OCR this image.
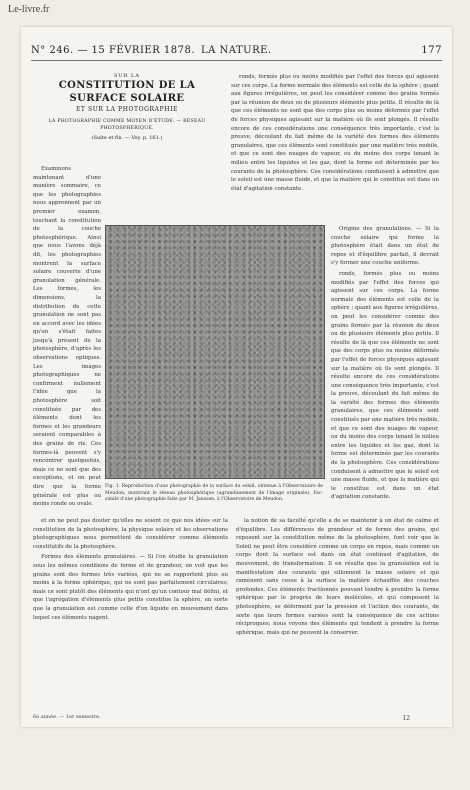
Le-livre.fr
N° 246. — 15 FÉVRIER 1878. LA NATURE.	177
SUR LA
CONSTITUTION DE LA SURFACE SOLAIRE
ET SUR LA PHOTOGRAPHIE
LA PHOTOGRAPHIE COMME MOYEN D'ÉTUDE. — RÉSEAU PHOTOSPHÉRIQUE.
(Suite et fin. — Voy. p. 161.)

Examinons maintenant d'une manière sommaire, ce que les photographies nous apprennent par un premier examen, touchant la constitution de la couche photosphérique. Ainsi que nous l'avons déjà dit, les photographies montrent la surface solaire couverte d'une granulation générale. Les formes, les dimensions, la distribution de cette granulation ne sont pas en accord avec les idées qu'on s'était faites jusqu'à présent de la photosphère, d'après les observations optiques. Les images photographiques ne confirment nullement l'idée que la photosphère soit constituée par des éléments dont les formes et les grandeurs seraient comparables à des grains de riz. Ces formes-là peuvent s'y rencontrer quelquefois, mais ce ne sont que des exceptions, et on peut dire que la forme générale est plus ou moins ronde ou ovale.

ronds, formés plus ou moins modifiés par l'effet des forces qui agissent sur ces corps. La forme normale des éléments est celle de la sphère ; quant aux figures irrégulières, on peut les considérer comme des grains formés par la réunion de deux ou de plusieurs éléments plus petits. Il résulte de là que ces éléments ne sont que des corps plus ou moins déformés par l'effet de forces physiques agissant sur la matière où ils sont plongés. Il résulte encore de ces considérations une conséquence très importante, c'est la preuve, découlant du fait même de la variété des formes des éléments granulaires, que ces éléments sont constitués par une matière très mobile, et que ce sont des nuages de vapeur, ou du moins des corps tenant le milieu entre les liquides et les gaz, dont la forme est déterminée par les courants de la photosphère. Ces considérations conduisent à admettre que le soleil est une masse fluide, et que la matière qui le constitue est dans un état d'agitation constante.

Origine des granulations. — Si la couche solaire qui forme la photosphère était dans un état de repos et d'équilibre parfait, il devrait s'y former une couche uniforme.

ronds, formés plus ou moins modifiés par l'effet des forces qui agissent sur ces corps. La forme normale des éléments est celle de la sphère ; quant aux figures irrégulières, on peut les considérer comme des grains formés par la réunion de deux ou de plusieurs éléments plus petits. Il résulte de là que ces éléments ne sont que des corps plus ou moins déformés par l'effet de forces physiques agissant sur la matière où ils sont plongés. Il résulte encore de ces considérations une conséquence très importante, c'est la preuve, découlant du fait même de la variété des formes des éléments granulaires, que ces éléments sont constitués par une matière très mobile, et que ce sont des nuages de vapeur, ou du moins des corps tenant le milieu entre les liquides et les gaz, dont la forme est déterminée par les courants de la photosphère. Ces considérations conduisent à admettre que le soleil est une masse fluide, et que la matière qui le constitue est dans un état d'agitation constante.

Fig. 1. Reproduction d'une photographie de la surface du soleil, obtenue à l'Observatoire de Meudon, montrant le réseau photosphérique (agrandissement de l'image originale). Fac-similé d'une photographie faite par M. Janssen, à l'Observatoire de Meudon.

et on ne peut pas douter qu'elles ne soient ce que nos idées sur la constitution de la photosphère, la physique solaire et les observations photographiques nous permettent de considérer comme éléments constitutifs de la photosphère.

Formes des éléments granulaires. — Si l'on étudie la granulation sous les mêmes conditions de forme et de grandeur, on voit que les grains sont des formes très variées, qui ne se rapportent plus ou moins à la forme sphérique, qui ne sont pas parfaitement circulaires; mais ce sont plutôt des éléments qui n'ont qu'un contour mal défini, et que l'agrégation d'éléments plus petits constitue la sphère, en sorte que la granulation est comme celle d'un liquide en mouvement dans lequel ces éléments nagent.

la notion de sa faculté qu'elle a de se maintenir à un état de calme et d'équilibre. Les différences de grandeur et de forme des grains, qui reposent sur la constitution même de la photosphère, font voir que le Soleil ne peut être considéré comme un corps en repos, mais comme un corps dont la surface est dans un état continuel d'agitation, de mouvement, de transformation. Il en résulte que la granulation est la manifestation des courants qui sillonnent la masse solaire et qui ramènent sans cesse à la surface la matière échauffée des couches profondes. Ces éléments fractionnés pouvant tendre à prendre la forme sphérique par le progrès de leurs molécules, et qui composent la photosphère, se déforment par la pression et l'action des courants, de sorte que leurs formes variées sont la conséquence de ces actions réciproques; nous voyons des éléments qui tendent à prendre la forme sphérique, mais qui ne peuvent la conserver.

6e année. — 1er semestre.	12
